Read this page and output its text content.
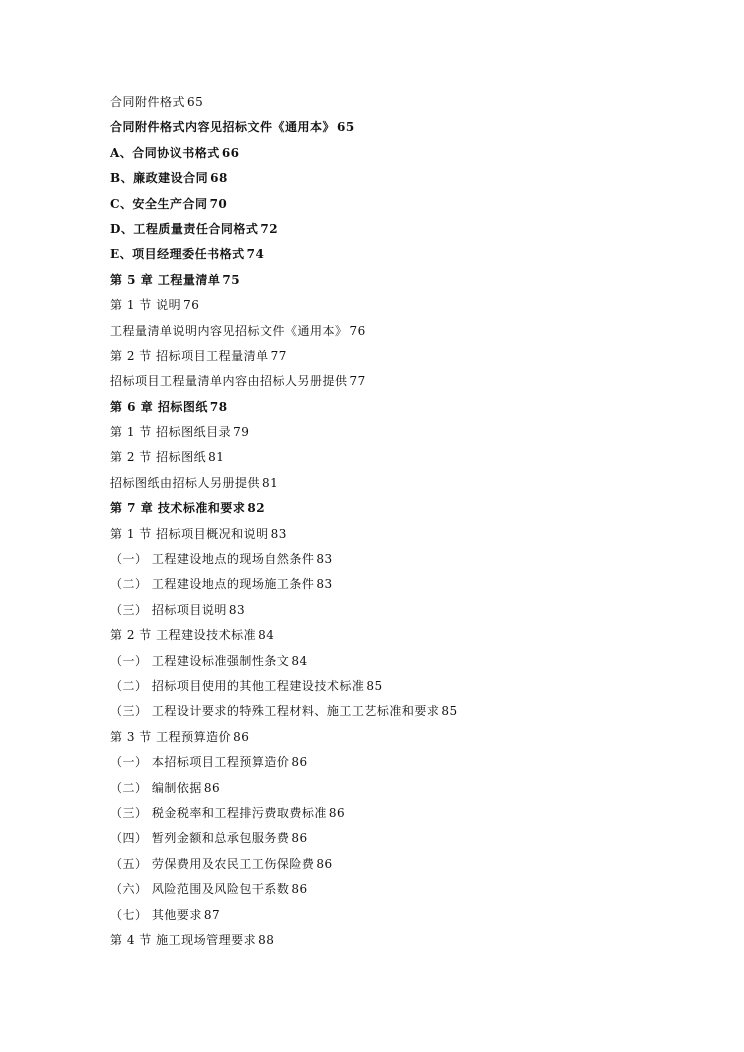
合同附件格式 65
合同附件格式内容见招标文件《通用本》 65
A、合同协议书格式 66
B、廉政建设合同 68
C、安全生产合同 70
D、工程质量责任合同格式 72
E、项目经理委任书格式 74
第 5 章 工程量清单 75
第 1 节 说明 76
工程量清单说明内容见招标文件《通用本》 76
第 2 节 招标项目工程量清单 77
招标项目工程量清单内容由招标人另册提供 77
第 6 章 招标图纸 78
第 1 节 招标图纸目录 79
第 2 节 招标图纸 81
招标图纸由招标人另册提供 81
第 7 章 技术标准和要求 82
第 1 节 招标项目概况和说明 83
（一） 工程建设地点的现场自然条件 83
（二） 工程建设地点的现场施工条件 83
（三） 招标项目说明 83
第 2 节 工程建设技术标准 84
（一） 工程建设标准强制性条文 84
（二） 招标项目使用的其他工程建设技术标准 85
（三） 工程设计要求的特殊工程材料、施工工艺标准和要求 85
第 3 节 工程预算造价 86
（一） 本招标项目工程预算造价 86
（二） 编制依据 86
（三） 税金税率和工程排污费取费标准 86
（四） 暂列金额和总承包服务费 86
（五） 劳保费用及农民工工伤保险费 86
（六） 风险范围及风险包干系数 86
（七） 其他要求 87
第 4 节 施工现场管理要求 88
